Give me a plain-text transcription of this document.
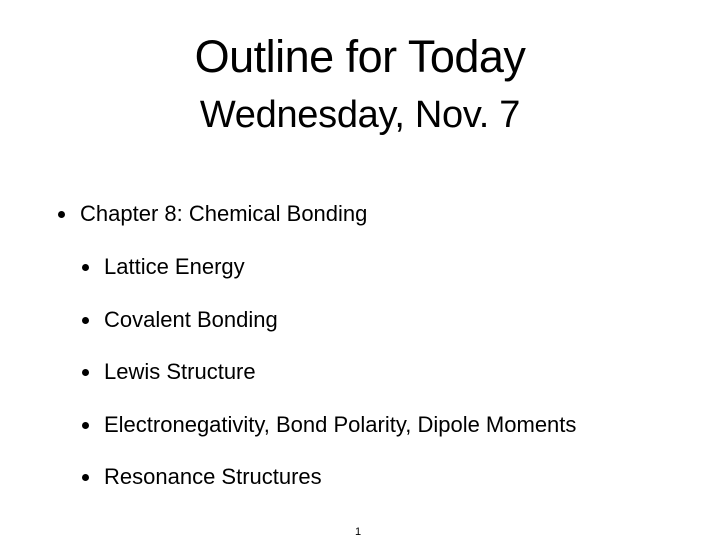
Outline for Today
Wednesday, Nov. 7
Chapter 8: Chemical Bonding
Lattice Energy
Covalent Bonding
Lewis Structure
Electronegativity, Bond Polarity, Dipole Moments
Resonance Structures
1
